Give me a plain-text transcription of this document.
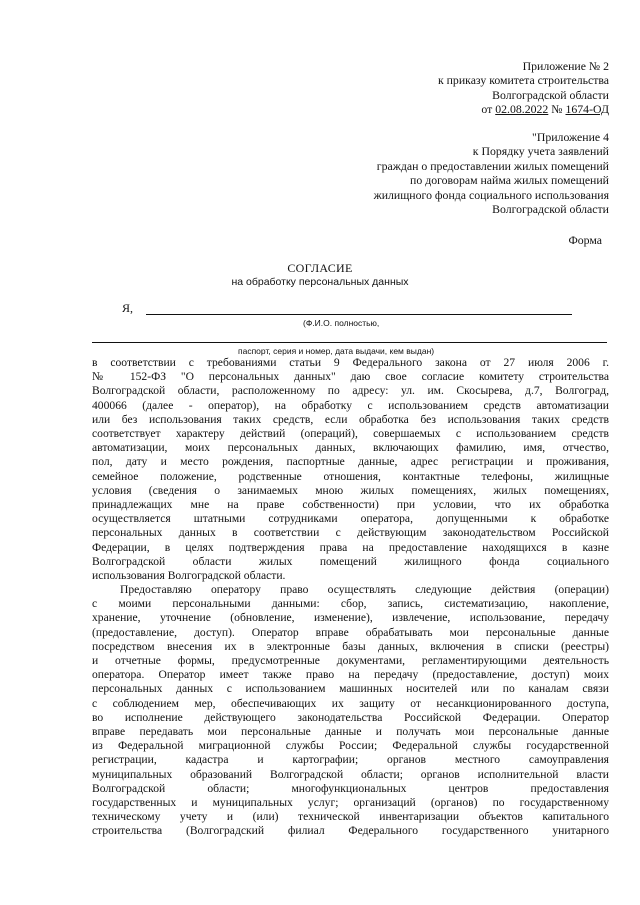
Приложение № 2
к приказу комитета строительства
Волгоградской области
от 02.08.2022 № 1674-ОД
"Приложение 4
к Порядку учета заявлений
граждан о предоставлении жилых помещений
по договорам найма жилых помещений
жилищного фонда социального использования
Волгоградской области
Форма
СОГЛАСИЕ
на обработку персональных данных
Я,
(Ф.И.О. полностью,
паспорт, серия и номер, дата выдачи, кем выдан)
в соответствии с требованиями статьи 9 Федерального закона от 27 июля 2006 г.
№ 152-ФЗ "О персональных данных" даю свое согласие комитету строительства
Волгоградской области, расположенному по адресу: ул. им. Скосырева, д.7, Волгоград,
400066 (далее - оператор), на обработку с использованием средств автоматизации
или без использования таких средств, если обработка без использования таких средств
соответствует характеру действий (операций), совершаемых с использованием средств
автоматизации, моих персональных данных, включающих фамилию, имя, отчество,
пол, дату и место рождения, паспортные данные, адрес регистрации и проживания,
семейное положение, родственные отношения, контактные телефоны, жилищные
условия (сведения о занимаемых мною жилых помещениях, жилых помещениях,
принадлежащих мне на праве собственности) при условии, что их обработка
осуществляется штатными сотрудниками оператора, допущенными к обработке
персональных данных в соответствии с действующим законодательством Российской
Федерации, в целях подтверждения права на предоставление находящихся в казне
Волгоградской области жилых помещений жилищного фонда социального
использования Волгоградской области.
Предоставляю оператору право осуществлять следующие действия (операции)
с моими персональными данными: сбор, запись, систематизацию, накопление,
хранение, уточнение (обновление, изменение), извлечение, использование, передачу
(предоставление, доступ). Оператор вправе обрабатывать мои персональные данные
посредством внесения их в электронные базы данных, включения в списки (реестры)
и отчетные формы, предусмотренные документами, регламентирующими деятельность
оператора. Оператор имеет также право на передачу (предоставление, доступ) моих
персональных данных с использованием машинных носителей или по каналам связи
с соблюдением мер, обеспечивающих их защиту от несанкционированного доступа,
во исполнение действующего законодательства Российской Федерации. Оператор
вправе передавать мои персональные данные и получать мои персональные данные
из Федеральной миграционной службы России; Федеральной службы государственной
регистрации, кадастра и картографии; органов местного самоуправления
муниципальных образований Волгоградской области; органов исполнительной власти
Волгоградской области; многофункциональных центров предоставления
государственных и муниципальных услуг; организаций (органов) по государственному
техническому учету и (или) технической инвентаризации объектов капитального
строительства (Волгоградский филиал Федерального государственного унитарного
